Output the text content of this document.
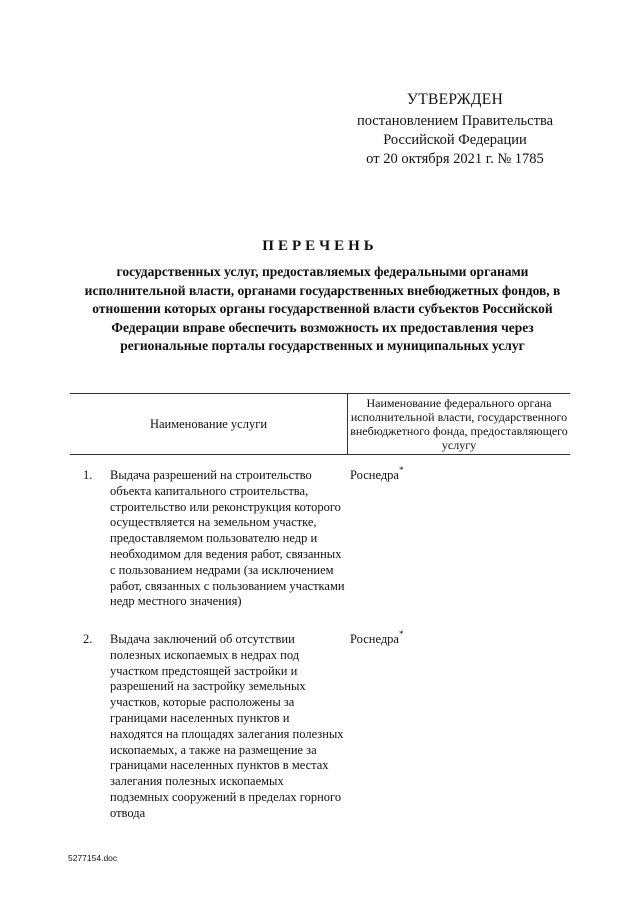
УТВЕРЖДЕН
постановлением Правительства
Российской Федерации
от 20 октября 2021 г. № 1785
ПЕРЕЧЕНЬ
государственных услуг, предоставляемых федеральными органами исполнительной власти, органами государственных внебюджетных фондов, в отношении которых органы государственной власти субъектов Российской Федерации вправе обеспечить возможность их предоставления через региональные порталы государственных и муниципальных услуг
Наименование услуги
Наименование федерального органа исполнительной власти, государственного внебюджетного фонда, предоставляющего услугу
1. Выдача разрешений на строительство объекта капитального строительства, строительство или реконструкция которого осуществляется на земельном участке, предоставляемом пользователю недр и необходимом для ведения работ, связанных с пользованием недрами (за исключением работ, связанных с пользованием участками недр местного значения)
Роснедра*
2. Выдача заключений об отсутствии полезных ископаемых в недрах под участком предстоящей застройки и разрешений на застройку земельных участков, которые расположены за границами населенных пунктов и находятся на площадях залегания полезных ископаемых, а также на размещение за границами населенных пунктов в местах залегания полезных ископаемых подземных сооружений в пределах горного отвода
Роснедра*
5277154.doc
